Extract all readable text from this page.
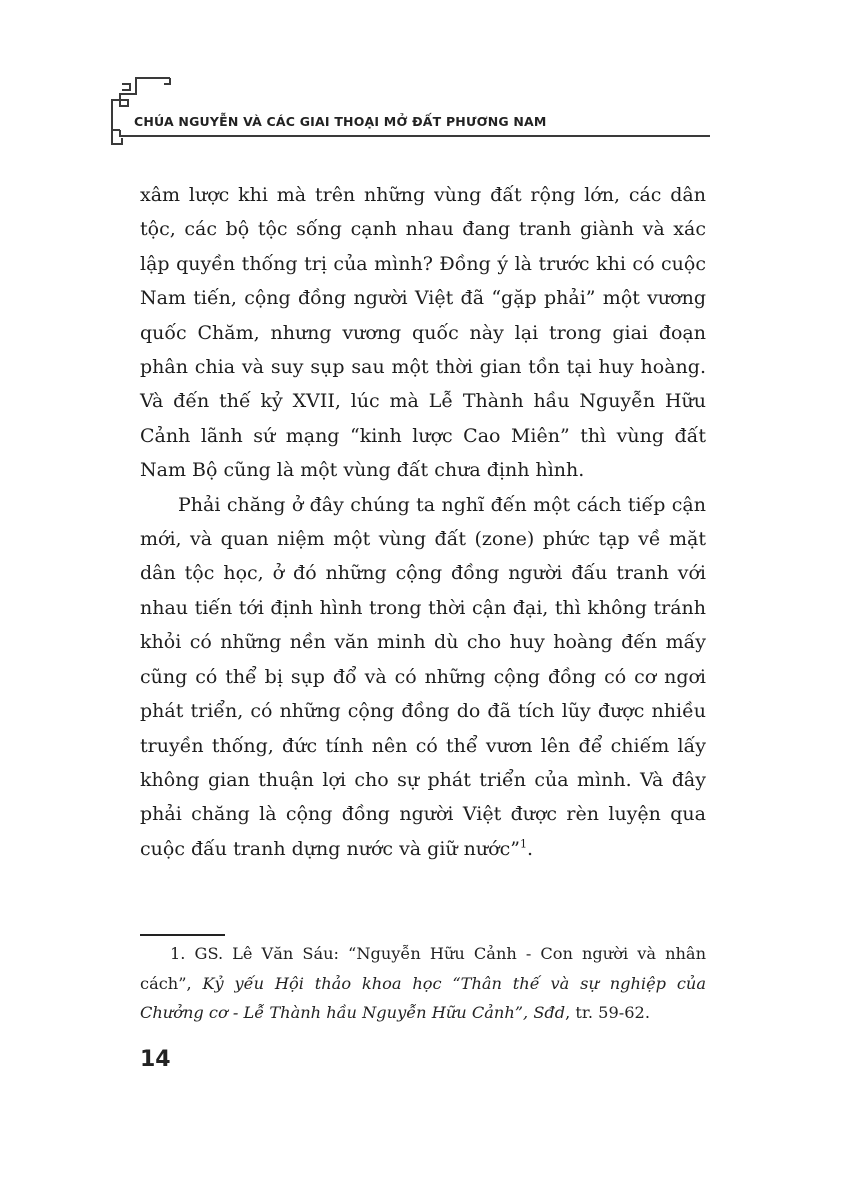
CHÚA NGUYỄN VÀ CÁC GIAI THOẠI MỞ ĐẤT PHƯƠNG NAM

xâm lược khi mà trên những vùng đất rộng lớn, các dân tộc, các bộ tộc sống cạnh nhau đang tranh giành và xác lập quyền thống trị của mình? Đồng ý là trước khi có cuộc Nam tiến, cộng đồng người Việt đã “gặp phải” một vương quốc Chăm, nhưng vương quốc này lại trong giai đoạn phân chia và suy sụp sau một thời gian tồn tại huy hoàng. Và đến thế kỷ XVII, lúc mà Lễ Thành hầu Nguyễn Hữu Cảnh lãnh sứ mạng “kinh lược Cao Miên” thì vùng đất Nam Bộ cũng là một vùng đất chưa định hình.

Phải chăng ở đây chúng ta nghĩ đến một cách tiếp cận mới, và quan niệm một vùng đất (zone) phức tạp về mặt dân tộc học, ở đó những cộng đồng người đấu tranh với nhau tiến tới định hình trong thời cận đại, thì không tránh khỏi có những nền văn minh dù cho huy hoàng đến mấy cũng có thể bị sụp đổ và có những cộng đồng có cơ ngơi phát triển, có những cộng đồng do đã tích lũy được nhiều truyền thống, đức tính nên có thể vươn lên để chiếm lấy không gian thuận lợi cho sự phát triển của mình. Và đây phải chăng là cộng đồng người Việt được rèn luyện qua cuộc đấu tranh dựng nước và giữ nước”$^1$.

1. GS. Lê Văn Sáu: “Nguyễn Hữu Cảnh - Con người và nhân cách”, Kỷ yếu Hội thảo khoa học “Thân thế và sự nghiệp của Chưởng cơ - Lễ Thành hầu Nguyễn Hữu Cảnh”, Sđd, tr. 59-62.

14
